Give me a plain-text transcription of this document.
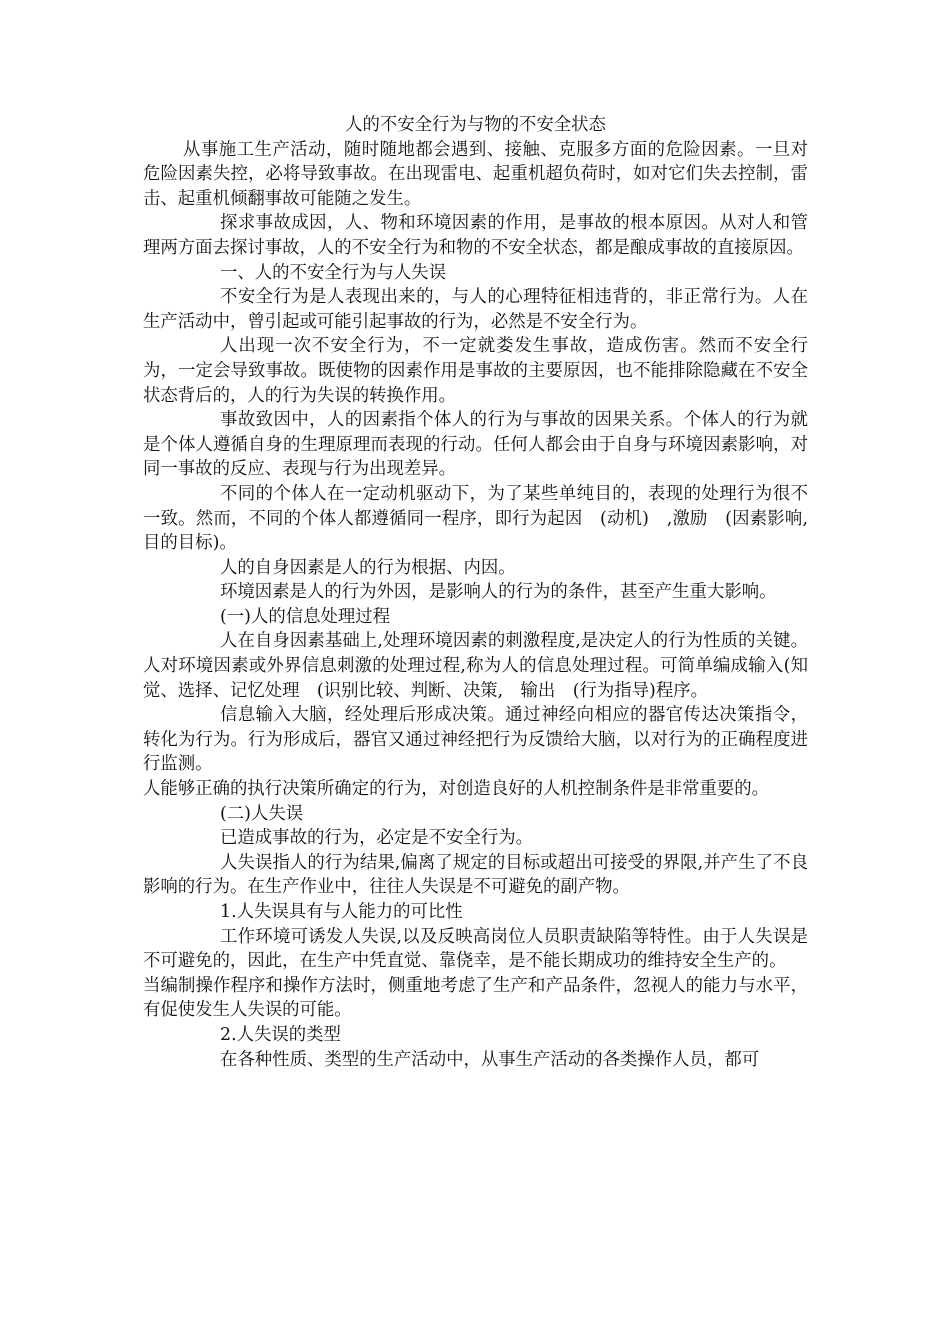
人的不安全行为与物的不安全状态

从事施工生产活动，随时随地都会遇到、接触、克服多方面的危险因素。一旦对危险因素失控，必将导致事故。在出现雷电、起重机超负荷时，如对它们失去控制，雷击、起重机倾翻事故可能随之发生。

探求事故成因，人、物和环境因素的作用，是事故的根本原因。从对人和管理两方面去探讨事故，人的不安全行为和物的不安全状态，都是酿成事故的直接原因。

一、人的不安全行为与人失误

不安全行为是人表现出来的，与人的心理特征相违背的，非正常行为。人在生产活动中，曾引起或可能引起事故的行为，必然是不安全行为。

人出现一次不安全行为，不一定就娄发生事故，造成伤害。然而不安全行为，一定会导致事故。既使物的因素作用是事故的主要原因，也不能排除隐藏在不安全状态背后的，人的行为失误的转换作用。

事故致因中，人的因素指个体人的行为与事故的因果关系。个体人的行为就是个体人遵循自身的生理原理而表现的行动。任何人都会由于自身与环境因素影响，对同一事故的反应、表现与行为出现差异。

不同的个体人在一定动机驱动下，为了某些单纯目的，表现的处理行为很不一致。然而，不同的个体人都遵循同一程序，即行为起因　(动机)　,激励　(因素影响,目的目标)。

人的自身因素是人的行为根据、内因。

环境因素是人的行为外因，是影响人的行为的条件，甚至产生重大影响。

(一)人的信息处理过程

人在自身因素基础上,处理环境因素的刺激程度,是决定人的行为性质的关键。人对环境因素或外界信息刺激的处理过程,称为人的信息处理过程。可简单编成输入(知觉、选择、记忆处理　(识别比较、判断、决策,　输出　(行为指导)程序。

信息输入大脑，经处理后形成决策。通过神经向相应的器官传达决策指令，转化为行为。行为形成后，器官又通过神经把行为反馈给大脑，以对行为的正确程度进行监测。

人能够正确的执行决策所确定的行为，对创造良好的人机控制条件是非常重要的。

(二)人失误

已造成事故的行为，必定是不安全行为。

人失误指人的行为结果,偏离了规定的目标或超出可接受的界限,并产生了不良影响的行为。在生产作业中，往往人失误是不可避免的副产物。

1.人失误具有与人能力的可比性

工作环境可诱发人失误,以及反映高岗位人员职责缺陷等特性。由于人失误是不可避免的，因此，在生产中凭直觉、靠侥幸，是不能长期成功的维持安全生产的。

当编制操作程序和操作方法时，侧重地考虑了生产和产品条件，忽视人的能力与水平，有促使发生人失误的可能。

2.人失误的类型

在各种性质、类型的生产活动中，从事生产活动的各类操作人员，都可
